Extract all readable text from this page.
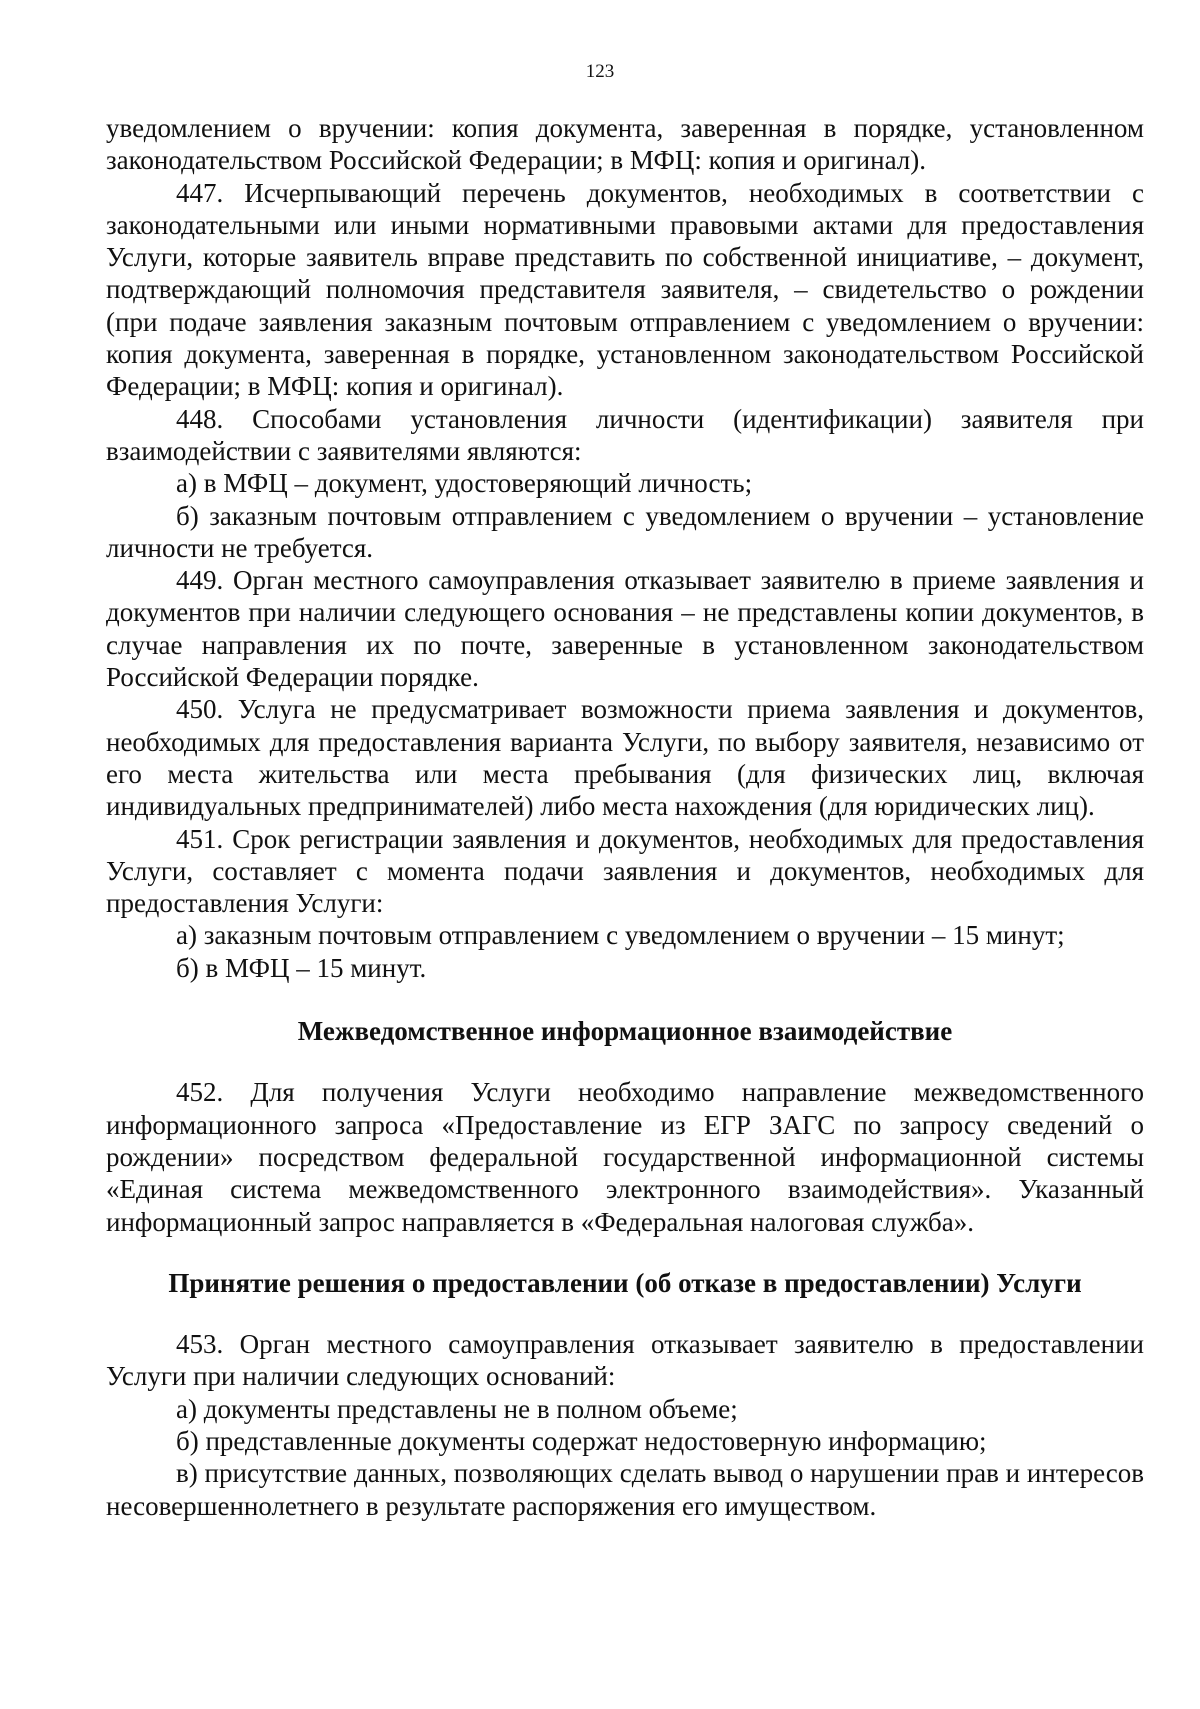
123

уведомлением о вручении: копия документа, заверенная в порядке, установленном законодательством Российской Федерации; в МФЦ: копия и оригинал).

447. Исчерпывающий перечень документов, необходимых в соответствии с законодательными или иными нормативными правовыми актами для предоставления Услуги, которые заявитель вправе представить по собственной инициативе, – документ, подтверждающий полномочия представителя заявителя, – свидетельство о рождении (при подаче заявления заказным почтовым отправлением с уведомлением о вручении: копия документа, заверенная в порядке, установленном законодательством Российской Федерации; в МФЦ: копия и оригинал).

448. Способами установления личности (идентификации) заявителя при взаимодействии с заявителями являются:

а) в МФЦ – документ, удостоверяющий личность;

б) заказным почтовым отправлением с уведомлением о вручении – установление личности не требуется.

449. Орган местного самоуправления отказывает заявителю в приеме заявления и документов при наличии следующего основания – не представлены копии документов, в случае направления их по почте, заверенные в установленном законодательством Российской Федерации порядке.

450. Услуга не предусматривает возможности приема заявления и документов, необходимых для предоставления варианта Услуги, по выбору заявителя, независимо от его места жительства или места пребывания (для физических лиц, включая индивидуальных предпринимателей) либо места нахождения (для юридических лиц).

451. Срок регистрации заявления и документов, необходимых для предоставления Услуги, составляет с момента подачи заявления и документов, необходимых для предоставления Услуги:

а) заказным почтовым отправлением с уведомлением о вручении – 15 минут;

б) в МФЦ – 15 минут.

Межведомственное информационное взаимодействие

452. Для получения Услуги необходимо направление межведомственного информационного запроса «Предоставление из ЕГР ЗАГС по запросу сведений о рождении» посредством федеральной государственной информационной системы «Единая система межведомственного электронного взаимодействия». Указанный информационный запрос направляется в «Федеральная налоговая служба».

Принятие решения о предоставлении (об отказе в предоставлении) Услуги

453. Орган местного самоуправления отказывает заявителю в предоставлении Услуги при наличии следующих оснований:

а) документы представлены не в полном объеме;

б) представленные документы содержат недостоверную информацию;

в) присутствие данных, позволяющих сделать вывод о нарушении прав и интересов несовершеннолетнего в результате распоряжения его имуществом.
